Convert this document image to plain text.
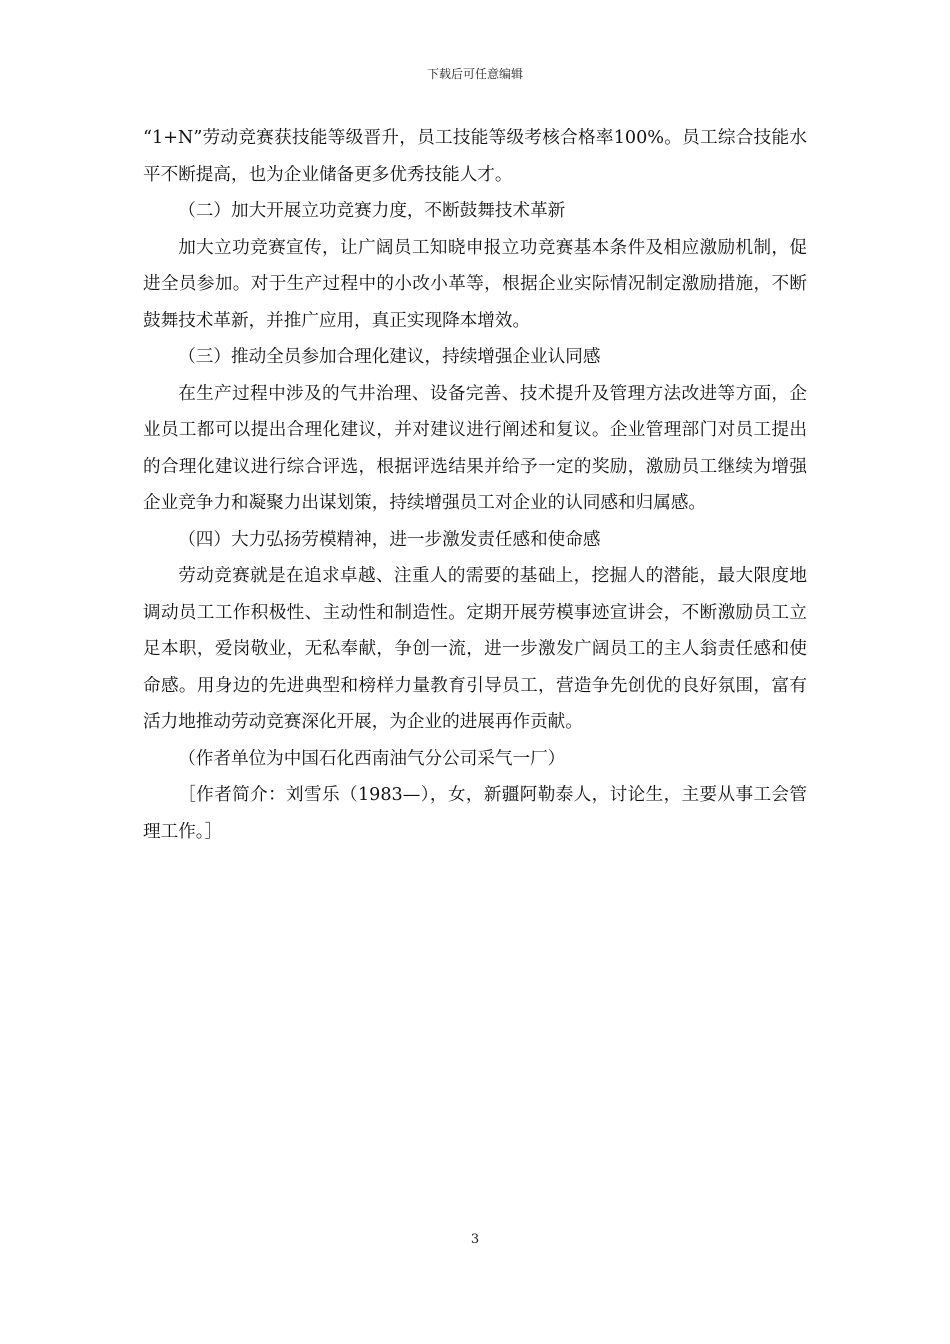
下载后可任意编辑

“1+N”劳动竞赛获技能等级晋升，员工技能等级考核合格率100%。员工综合技能水平不断提高，也为企业储备更多优秀技能人才。

（二）加大开展立功竞赛力度，不断鼓舞技术革新

加大立功竞赛宣传，让广阔员工知晓申报立功竞赛基本条件及相应激励机制，促进全员参加。对于生产过程中的小改小革等，根据企业实际情况制定激励措施，不断鼓舞技术革新，并推广应用，真正实现降本增效。

（三）推动全员参加合理化建议，持续增强企业认同感

在生产过程中涉及的气井治理、设备完善、技术提升及管理方法改进等方面，企业员工都可以提出合理化建议，并对建议进行阐述和复议。企业管理部门对员工提出的合理化建议进行综合评选，根据评选结果并给予一定的奖励，激励员工继续为增强企业竞争力和凝聚力出谋划策，持续增强员工对企业的认同感和归属感。

（四）大力弘扬劳模精神，进一步激发责任感和使命感

劳动竞赛就是在追求卓越、注重人的需要的基础上，挖掘人的潜能，最大限度地调动员工工作积极性、主动性和制造性。定期开展劳模事迹宣讲会，不断激励员工立足本职，爱岗敬业，无私奉献，争创一流，进一步激发广阔员工的主人翁责任感和使命感。用身边的先进典型和榜样力量教育引导员工，营造争先创优的良好氛围，富有活力地推动劳动竞赛深化开展，为企业的进展再作贡献。

（作者单位为中国石化西南油气分公司采气一厂）

［作者简介：刘雪乐（1983—），女，新疆阿勒泰人，讨论生，主要从事工会管理工作。］

3
